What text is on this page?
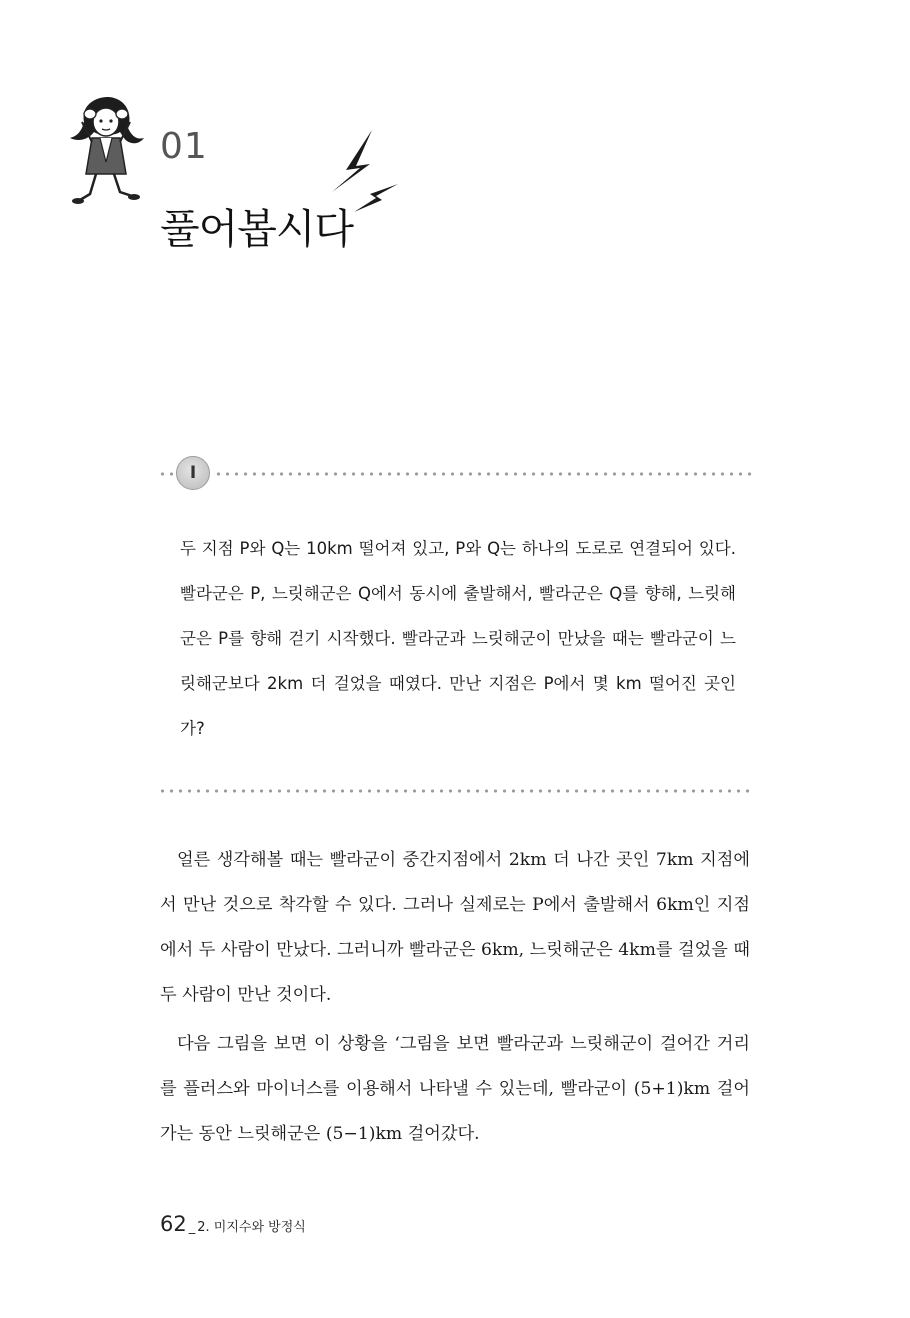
01
풀어봅시다
I
두 지점 P와 Q는 10km 떨어져 있고, P와 Q는 하나의 도로로 연결되어 있다. 빨라군은 P, 느릿해군은 Q에서 동시에 출발해서, 빨라군은 Q를 향해, 느릿해군은 P를 향해 걷기 시작했다. 빨라군과 느릿해군이 만났을 때는 빨라군이 느릿해군보다 2km 더 걸었을 때였다. 만난 지점은 P에서 몇 km 떨어진 곳인가?
얼른 생각해볼 때는 빨라군이 중간지점에서 2km 더 나간 곳인 7km 지점에서 만난 것으로 착각할 수 있다. 그러나 실제로는 P에서 출발해서 6km인 지점에서 두 사람이 만났다. 그러니까 빨라군은 6km, 느릿해군은 4km를 걸었을 때 두 사람이 만난 것이다.
다음 그림을 보면 이 상황을 ‘그림을 보면 빨라군과 느릿해군이 걸어간 거리를 플러스와 마이너스를 이용해서 나타낼 수 있는데, 빨라군이 (5+1)km 걸어가는 동안 느릿해군은 (5−1)km 걸어갔다.
62 _ 2. 미지수와 방정식
